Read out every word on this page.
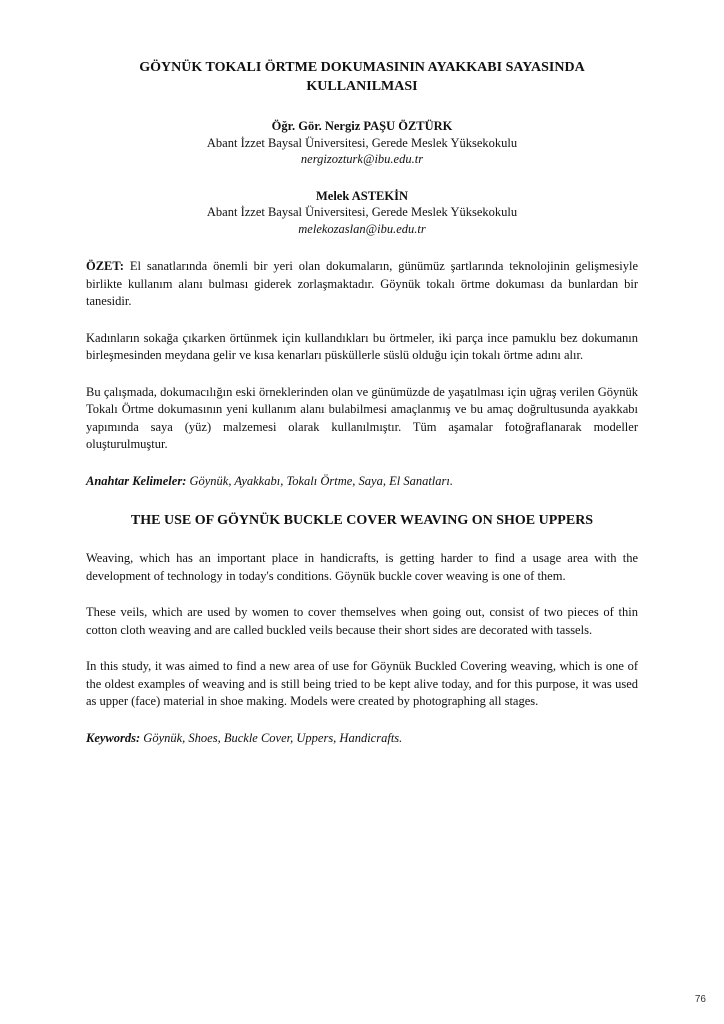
GÖYNÜK TOKALI ÖRTME DOKUMASININ AYAKKABI SAYASINDA KULLANILMASI
Öğr. Gör. Nergiz PAŞU ÖZTÜRK
Abant İzzet Baysal Üniversitesi, Gerede Meslek Yüksekokulu
nergizozturk@ibu.edu.tr
Melek ASTEKİN
Abant İzzet Baysal Üniversitesi, Gerede Meslek Yüksekokulu
melekozaslan@ibu.edu.tr

ÖZET: El sanatlarında önemli bir yeri olan dokumaların, günümüz şartlarında teknolojinin gelişmesiyle birlikte kullanım alanı bulması giderek zorlaşmaktadır. Göynük tokalı örtme dokuması da bunlardan bir tanesidir.

Kadınların sokağa çıkarken örtünmek için kullandıkları bu örtmeler, iki parça ince pamuklu bez dokumanın birleşmesinden meydana gelir ve kısa kenarları püsküllerle süslü olduğu için tokalı örtme adını alır.

Bu çalışmada, dokumacılığın eski örneklerinden olan ve günümüzde de yaşatılması için uğraş verilen Göynük Tokalı Örtme dokumasının yeni kullanım alanı bulabilmesi amaçlanmış ve bu amaç doğrultusunda ayakkabı yapımında saya (yüz) malzemesi olarak kullanılmıştır. Tüm aşamalar fotoğraflanarak modeller oluşturulmuştur.

Anahtar Kelimeler: Göynük, Ayakkabı, Tokalı Örtme, Saya, El Sanatları.

THE USE OF GÖYNÜK BUCKLE COVER WEAVING ON SHOE UPPERS

Weaving, which has an important place in handicrafts, is getting harder to find a usage area with the development of technology in today's conditions. Göynük buckle cover weaving is one of them.

These veils, which are used by women to cover themselves when going out, consist of two pieces of thin cotton cloth weaving and are called buckled veils because their short sides are decorated with tassels.

In this study, it was aimed to find a new area of use for Göynük Buckled Covering weaving, which is one of the oldest examples of weaving and is still being tried to be kept alive today, and for this purpose, it was used as upper (face) material in shoe making. Models were created by photographing all stages.

Keywords: Göynük, Shoes, Buckle Cover, Uppers, Handicrafts.

76
